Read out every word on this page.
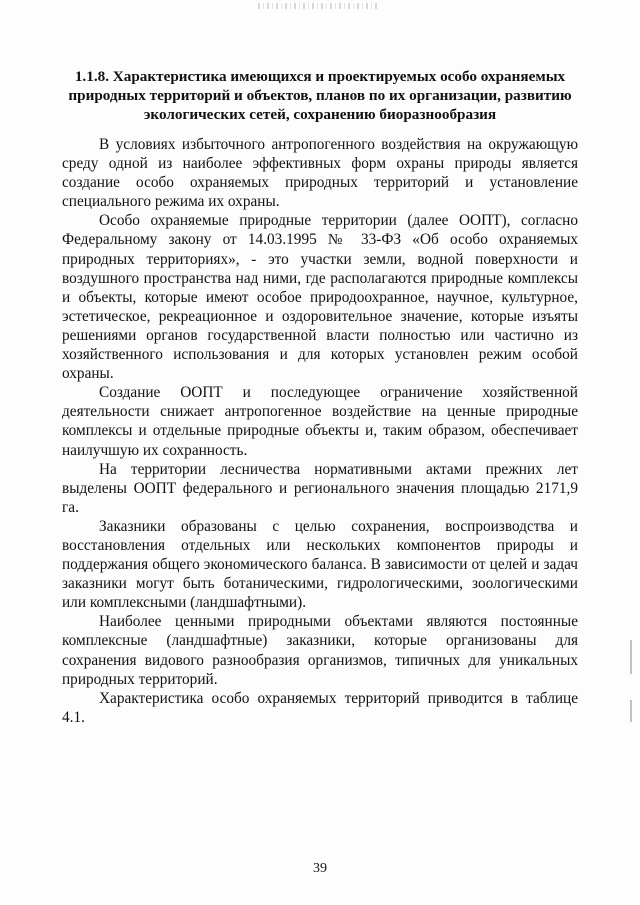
1.1.8. Характеристика имеющихся и проектируемых особо охраняемых природных территорий и объектов, планов по их организации, развитию экологических сетей, сохранению биоразнообразия

В условиях избыточного антропогенного воздействия на окружающую среду одной из наиболее эффективных форм охраны природы является создание особо охраняемых природных территорий и установление специального режима их охраны.

Особо охраняемые природные территории (далее ООПТ), согласно Федеральному закону от 14.03.1995 № 33-ФЗ «Об особо охраняемых природных территориях», - это участки земли, водной поверхности и воздушного пространства над ними, где располагаются природные комплексы и объекты, которые имеют особое природоохранное, научное, культурное, эстетическое, рекреационное и оздоровительное значение, которые изъяты решениями органов государственной власти полностью или частично из хозяйственного использования и для которых установлен режим особой охраны.

Создание ООПТ и последующее ограничение хозяйственной деятельности снижает антропогенное воздействие на ценные природные комплексы и отдельные природные объекты и, таким образом, обеспечивает наилучшую их сохранность.

На территории лесничества нормативными актами прежних лет выделены ООПТ федерального и регионального значения площадью 2171,9 га.

Заказники образованы с целью сохранения, воспроизводства и восстановления отдельных или нескольких компонентов природы и поддержания общего экономического баланса. В зависимости от целей и задач заказники могут быть ботаническими, гидрологическими, зоологическими или комплексными (ландшафтными).

Наиболее ценными природными объектами являются постоянные комплексные (ландшафтные) заказники, которые организованы для сохранения видового разнообразия организмов, типичных для уникальных природных территорий.

Характеристика особо охраняемых территорий приводится в таблице 4.1.

39
